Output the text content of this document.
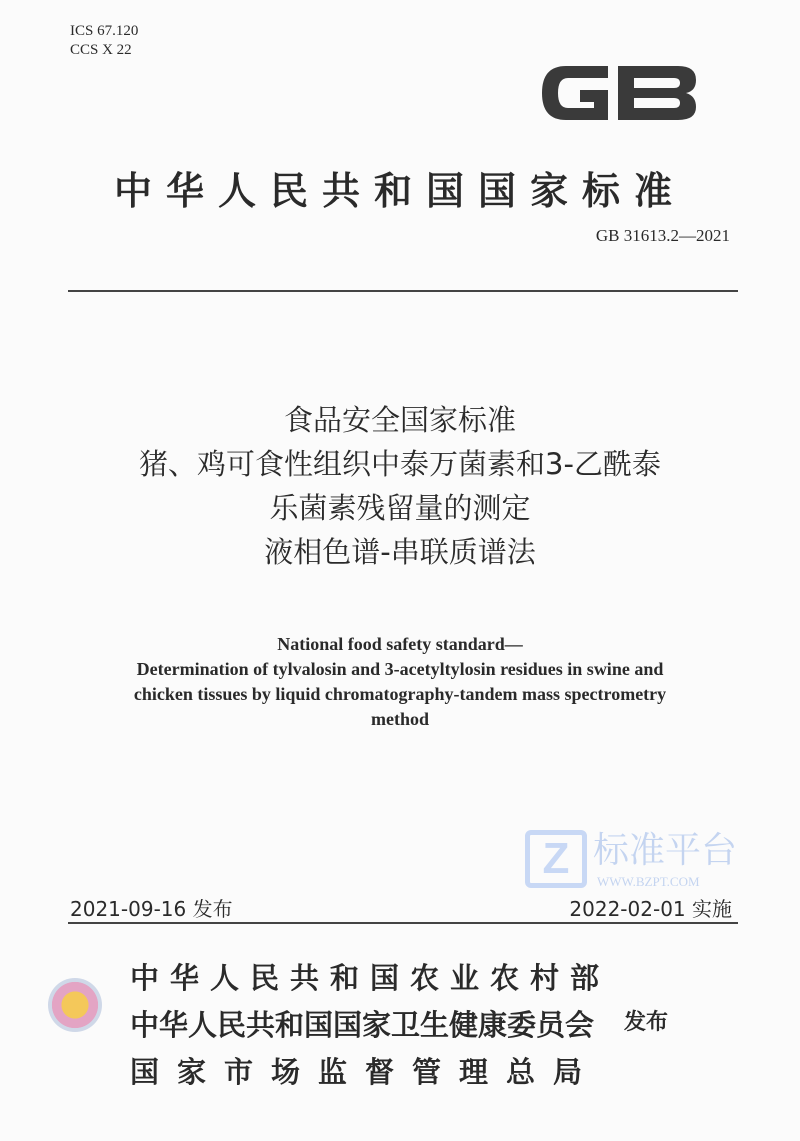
ICS 67.120
CCS X 22
中华人民共和国国家标准
GB 31613.2—2021
食品安全国家标准
猪、鸡可食性组织中泰万菌素和3-乙酰泰
乐菌素残留量的测定
液相色谱-串联质谱法
National food safety standard—
Determination of tylvalosin and 3-acetyltylosin residues in swine and
chicken tissues by liquid chromatography-tandem mass spectrometry
method
Z 标准平台
WWW.BZPT.COM
2021-09-16 发布	2022-02-01 实施
中华人民共和国农业农村部
中华人民共和国国家卫生健康委员会
国家市场监督管理总局
发布
